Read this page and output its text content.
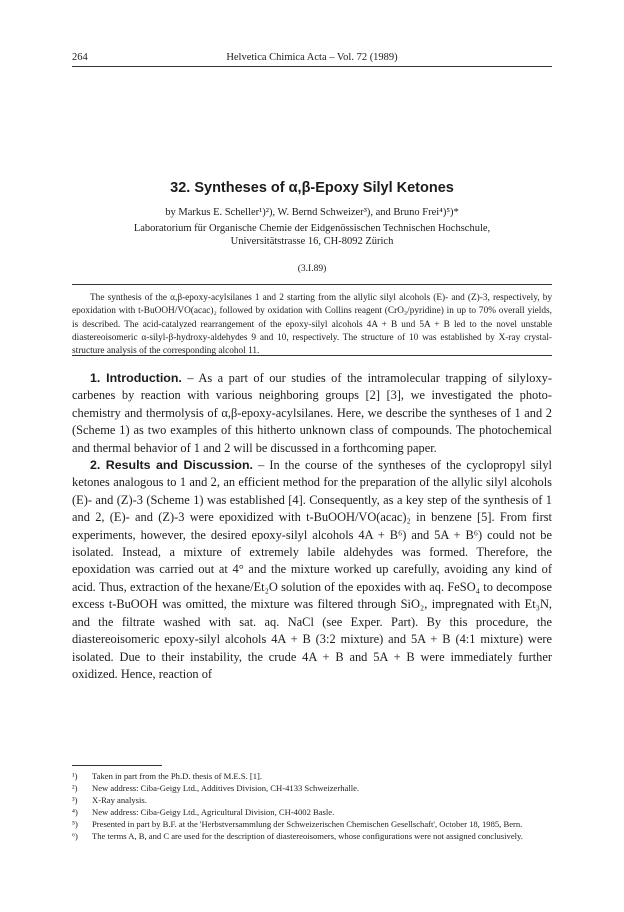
264	Helvetica Chimica Acta – Vol. 72 (1989)
32. Syntheses of α,β-Epoxy Silyl Ketones
by Markus E. Scheller¹)²), W. Bernd Schweizer³), and Bruno Frei⁴)⁵)*
Laboratorium für Organische Chemie der Eidgenössischen Technischen Hochschule,
Universitätstrasse 16, CH-8092 Zürich
(3.I.89)
The synthesis of the α,β-epoxy-acylsilanes 1 and 2 starting from the allylic silyl alcohols (E)- and (Z)-3, respectively, by epoxidation with t-BuOOH/VO(acac)₂ followed by oxidation with Collins reagent (CrO₃/pyridine) in up to 70% overall yields, is described. The acid-catalyzed rearrangement of the epoxy-silyl alcohols 4A + B und 5A + B led to the novel unstable diastereoisomeric α-silyl-β-hydroxy-aldehydes 9 and 10, respectively. The structure of 10 was established by X-ray crystal-structure analysis of the corresponding alcohol 11.

1. Introduction. – As a part of our studies of the intramolecular trapping of silyloxy-carbenes by reaction with various neighboring groups [2] [3], we investigated the photo-chemistry and thermolysis of α,β-epoxy-acylsilanes. Here, we describe the syntheses of 1 and 2 (Scheme 1) as two examples of this hitherto unknown class of compounds. The photochemical and thermal behavior of 1 and 2 will be discussed in a forthcoming paper.

2. Results and Discussion. – In the course of the syntheses of the cyclopropyl silyl ketones analogous to 1 and 2, an efficient method for the preparation of the allylic silyl alcohols (E)- and (Z)-3 (Scheme 1) was established [4]. Consequently, as a key step of the synthesis of 1 and 2, (E)- and (Z)-3 were epoxidized with t-BuOOH/VO(acac)₂ in benzene [5]. From first experiments, however, the desired epoxy-silyl alcohols 4A + B⁶) and 5A + B⁶) could not be isolated. Instead, a mixture of extremely labile aldehydes was formed. Therefore, the epoxidation was carried out at 4° and the mixture worked up carefully, avoiding any kind of acid. Thus, extraction of the hexane/Et₂O solution of the epoxides with aq. FeSO₄ to decompose excess t-BuOOH was omitted, the mixture was filtered through SiO₂, impregnated with Et₃N, and the filtrate washed with sat. aq. NaCl (see Exper. Part). By this procedure, the diastereoisomeric epoxy-silyl alcohols 4A + B (3:2 mixture) and 5A + B (4:1 mixture) were isolated. Due to their instability, the crude 4A + B and 5A + B were immediately further oxidized. Hence, reaction of

¹)	Taken in part from the Ph.D. thesis of M.E.S. [1].
²)	New address: Ciba-Geigy Ltd., Additives Division, CH-4133 Schweizerhalle.
³)	X-Ray analysis.
⁴)	New address: Ciba-Geigy Ltd., Agricultural Division, CH-4002 Basle.
⁵)	Presented in part by B.F. at the 'Herbstversammlung der Schweizerischen Chemischen Gesellschaft', October 18, 1985, Bern.
⁶)	The terms A, B, and C are used for the description of diastereoisomers, whose configurations were not assigned conclusively.
